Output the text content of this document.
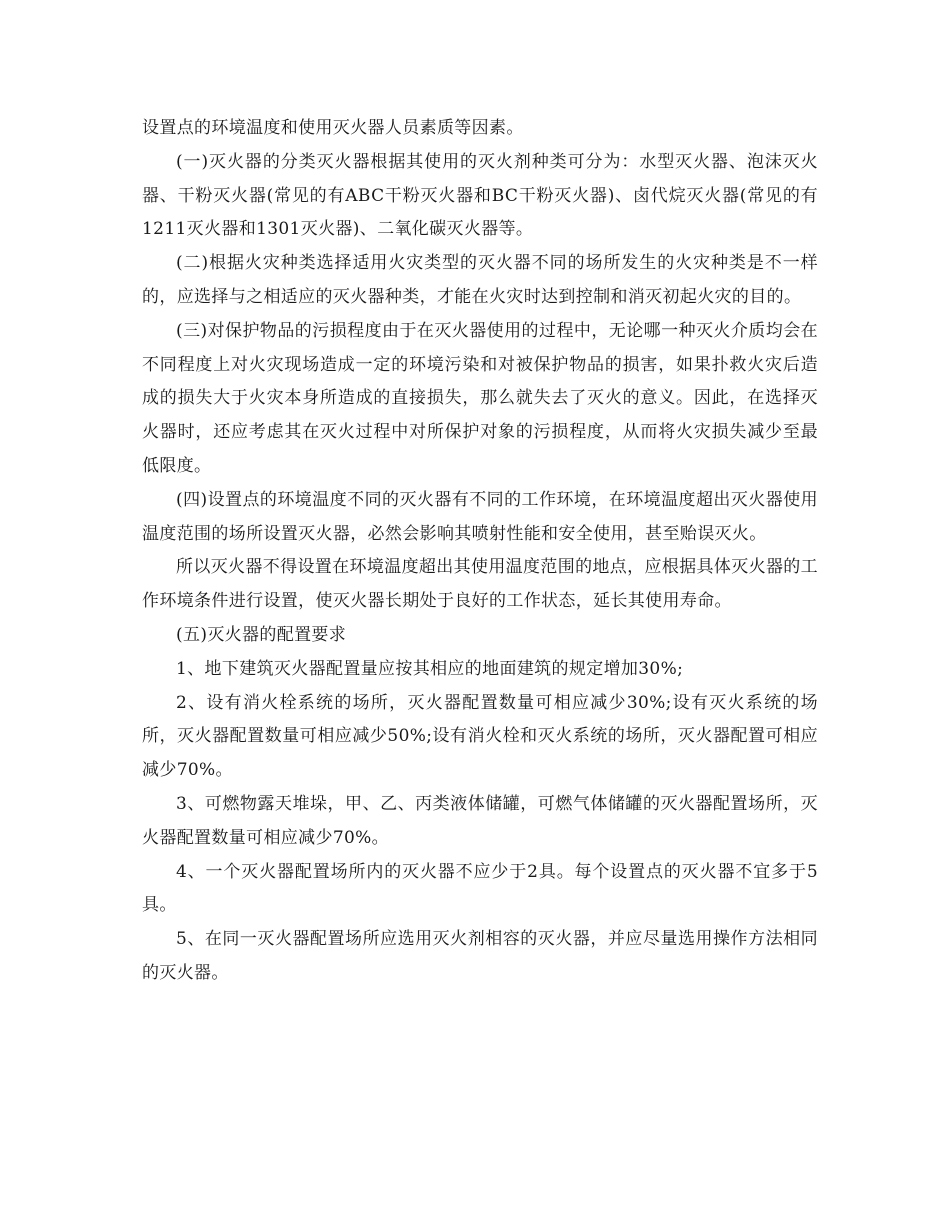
设置点的环境温度和使用灭火器人员素质等因素。

(一)灭火器的分类灭火器根据其使用的灭火剂种类可分为：水型灭火器、泡沫灭火器、干粉灭火器(常见的有ABC干粉灭火器和BC干粉灭火器)、卤代烷灭火器(常见的有1211灭火器和1301灭火器)、二氧化碳灭火器等。

(二)根据火灾种类选择适用火灾类型的灭火器不同的场所发生的火灾种类是不一样的，应选择与之相适应的灭火器种类，才能在火灾时达到控制和消灭初起火灾的目的。

(三)对保护物品的污损程度由于在灭火器使用的过程中，无论哪一种灭火介质均会在不同程度上对火灾现场造成一定的环境污染和对被保护物品的损害，如果扑救火灾后造成的损失大于火灾本身所造成的直接损失，那么就失去了灭火的意义。因此，在选择灭火器时，还应考虑其在灭火过程中对所保护对象的污损程度，从而将火灾损失减少至最低限度。

(四)设置点的环境温度不同的灭火器有不同的工作环境，在环境温度超出灭火器使用温度范围的场所设置灭火器，必然会影响其喷射性能和安全使用，甚至贻误灭火。

所以灭火器不得设置在环境温度超出其使用温度范围的地点，应根据具体灭火器的工作环境条件进行设置，使灭火器长期处于良好的工作状态，延长其使用寿命。

(五)灭火器的配置要求

1、地下建筑灭火器配置量应按其相应的地面建筑的规定增加30%;

2、设有消火栓系统的场所，灭火器配置数量可相应减少30%;设有灭火系统的场所，灭火器配置数量可相应减少50%;设有消火栓和灭火系统的场所，灭火器配置可相应减少70%。

3、可燃物露天堆垛，甲、乙、丙类液体储罐，可燃气体储罐的灭火器配置场所，灭火器配置数量可相应减少70%。

4、一个灭火器配置场所内的灭火器不应少于2具。每个设置点的灭火器不宜多于5具。

5、在同一灭火器配置场所应选用灭火剂相容的灭火器，并应尽量选用操作方法相同的灭火器。
